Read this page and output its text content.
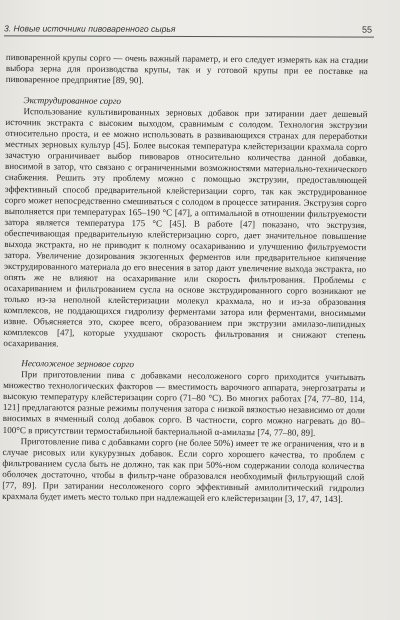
3. Новые источники пивоваренного сырья	55

пивоваренной крупы сорго — очень важный параметр, и его следует измерять как на стадии выбора зерна для производства крупы, так и у готовой крупы при ее поставке на пивоваренное предприятие [89, 90].

Экструдированное сорго

Использование культивированных зерновых добавок при затирании дает дешевый источник экстракта с высоким выходом, сравнимым с солодом. Технология экструзии относительно проста, и ее можно использовать в развивающихся странах для переработки местных зерновых культур [45]. Более высокая температура клейстеризации крахмала сорго зачастую ограничивает выбор пивоваров относительно количества данной добавки, вносимой в затор, что связано с ограниченными возможностями материально-технического снабжения. Решить эту проблему можно с помощью экструзии, предоставляющей эффективный способ предварительной клейстеризации сорго, так как экструдированное сорго может непосредственно смешиваться с солодом в процессе затирания. Экструзия сорго выполняется при температурах 165–190 °С [47], а оптимальной в отношении фильтруемости затора является температура 175 °С [45]. В работе [47] показано, что экструзия, обеспечивающая предварительную клейстеризацию сорго, дает значительное повышение выхода экстракта, но не приводит к полному осахариванию и улучшению фильтруемости затора. Увеличение дозирования экзогенных ферментов или предварительное кипячение экструдированного материала до его внесения в затор дают увеличение выхода экстракта, но опять же не влияют на осахаривание или скорость фильтрования. Проблемы с осахариванием и фильтрованием сусла на основе экструдированного сорго возникают не только из-за неполной клейстеризации молекул крахмала, но и из-за образования комплексов, не поддающихся гидролизу ферментами затора или ферментами, вносимыми извне. Объясняется это, скорее всего, образованием при экструзии амилазо-липидных комплексов [47], которые ухудшают скорость фильтрования и снижают степень осахаривания.

Несоложеное зерновое сорго

При приготовлении пива с добавками несоложеного сорго приходится учитывать множество технологических факторов — вместимость варочного аппарата, энергозатраты и высокую температуру клейстеризации сорго (71–80 °С). Во многих работах [74, 77–80, 114, 121] предлагаются разные режимы получения затора с низкой вязкостью независимо от доли вносимых в ячменный солод добавок сорго. В частности, сорго можно нагревать до 80–100°С в присутствии термостабильной бактериальной α-амилазы [74, 77–80, 89].

Приготовление пива с добавками сорго (не более 50%) имеет те же ограничения, что и в случае рисовых или кукурузных добавок. Если сорго хорошего качества, то проблем с фильтрованием сусла быть не должно, так как при 50%-ном содержании солода количества оболочек достаточно, чтобы в фильтр-чане образовался необходимый фильтрующий слой [77, 89]. При затирании несоложеного сорго эффективный амилолитический гидролиз крахмала будет иметь место только при надлежащей его клейстеризации [3, 17, 47, 143].
